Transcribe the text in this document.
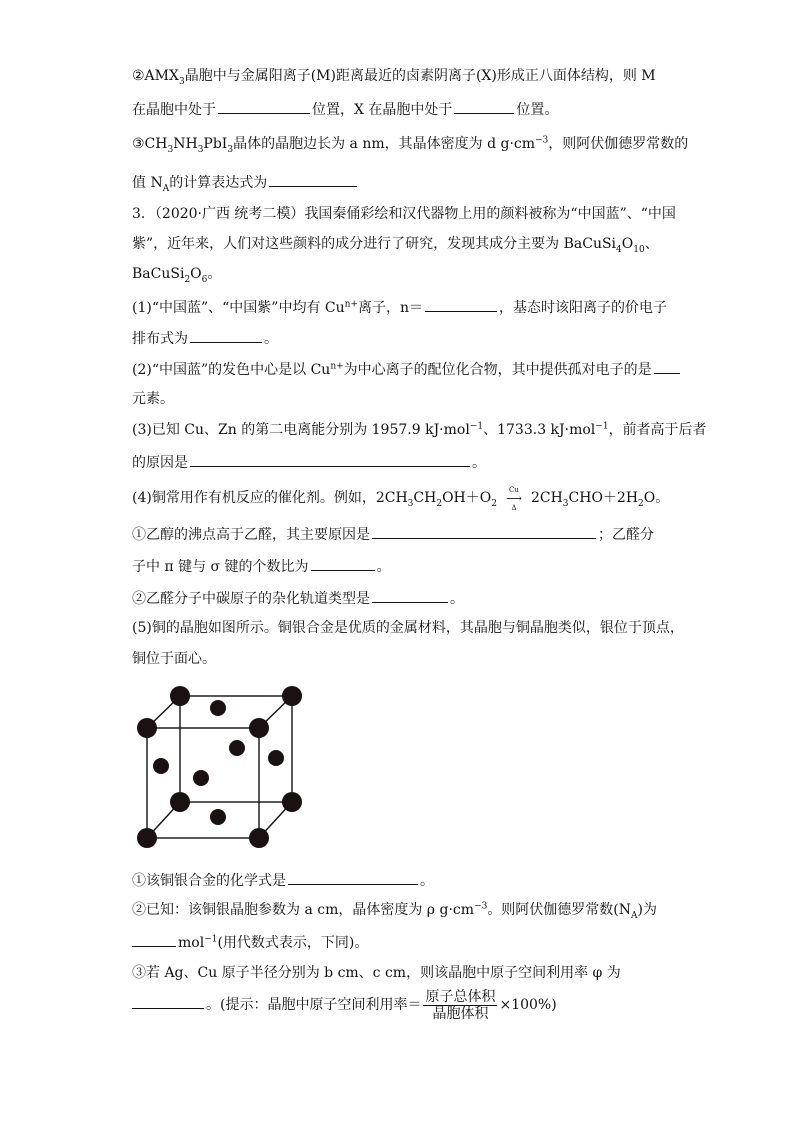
$②AMX_3$晶胞中与金属阳离子(M)距离最近的卤素阴离子(X)形成正八面体结构，则 M
在晶胞中处于	位置，X 在晶胞中处于	位置。
$③CH_3NH_3PbI_3$晶体的晶胞边长为 a nm，其晶体密度为 d $g\cdot cm^{-3}$，则阿伏伽德罗常数的
值 $N_A$的计算表达式为
3．（2020·广西 统考二模）我国秦俑彩绘和汉代器物上用的颜料被称为“中国蓝”、“中国
紫”，近年来，人们对这些颜料的成分进行了研究，发现其成分主要为 $BaCuSi_4O_{10}$、
$BaCuSi_2O_6$。
(1)“中国蓝”、“中国紫”中均有 $Cu^{n+}$离子，n＝	，基态时该阳离子的价电子
排布式为	。
(2)“中国蓝”的发色中心是以 $Cu^{n+}$为中心离子的配位化合物，其中提供孤对电子的是
元素。
(3)已知 Cu、Zn 的第二电离能分别为 1957.9 kJ·mol$^{-1}$、1733.3 kJ·mol$^{-1}$，前者高于后者
的原因是	。
(4)铜常用作有机反应的催化剂。例如，$2CH_3CH_2OH+O_2$
Cu
⟶
Δ
$2CH_3CHO+2H_2O$。
①乙醇的沸点高于乙醛，其主要原因是	；乙醛分
子中 π 键与 σ 键的个数比为	。
②乙醛分子中碳原子的杂化轨道类型是	。
(5)铜的晶胞如图所示。铜银合金是优质的金属材料，其晶胞与铜晶胞类似，银位于顶点，
铜位于面心。
①该铜银合金的化学式是	。
②已知：该铜银晶胞参数为 a cm，晶体密度为 ρ $g\cdot cm^{-3}$。则阿伏伽德罗常数$(N_A)$为
mol$^{-1}$(用代数式表示，下同)。
③若 Ag、Cu 原子半径分别为 b cm、c cm，则该晶胞中原子空间利用率 φ 为
。(提示：晶胞中原子空间利用率＝ $\frac{\text{原子总体积}}{\text{晶胞体积}} \times 100\%$)
